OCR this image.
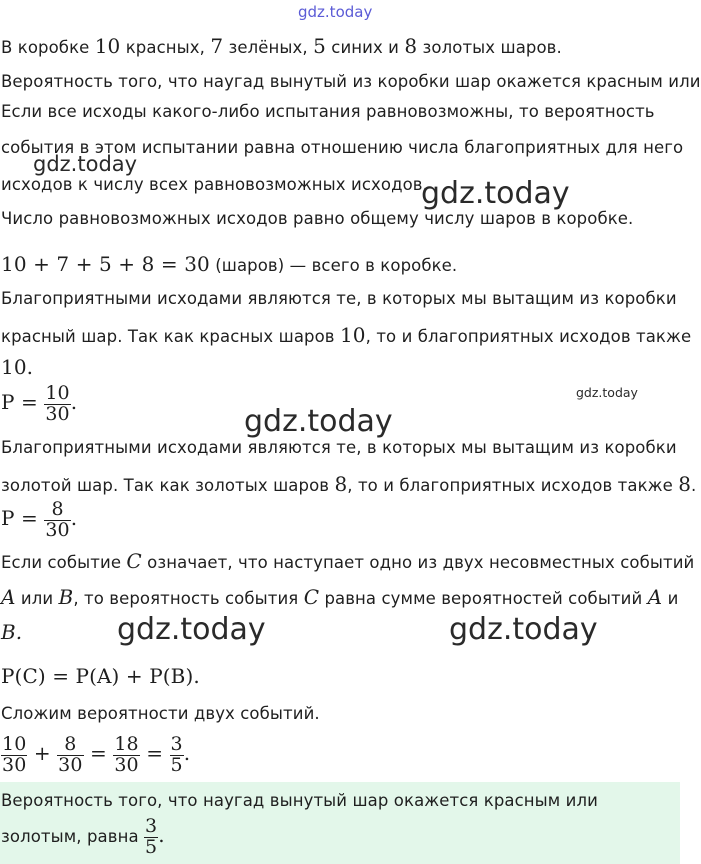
gdz.today
В коробке 10 красных, 7 зелёных, 5 синих и 8 золотых шаров.
Вероятность того, что наугад вынутый из коробки шар окажется красным или
Если все исходы какого-либо испытания равновозможны, то вероятность
события в этом испытании равна отношению числа благоприятных для него
gdz.today
исходов к числу всех равновозможных исходов.
gdz.today
Число равновозможных исходов равно общему числу шаров в коробке.
10 + 7 + 5 + 8 = 30 (шаров) — всего в коробке.
Благоприятными исходами являются те, в которых мы вытащим из коробки
красный шар. Так как красных шаров 10, то и благоприятных исходов также
10.
gdz.today
$P = \frac{10}{30}$ .
gdz.today
Благоприятными исходами являются те, в которых мы вытащим из коробки
золотой шар. Так как золотых шаров 8, то и благоприятных исходов также 8.
$P = \frac{8}{30}$ .
Если событие C означает, что наступает одно из двух несовместных событий
A или B, то вероятность события C равна сумме вероятностей событий A и
B.	gdz.today	gdz.today
P(C) = P(A) + P(B).
Сложим вероятности двух событий.
$\frac{10}{30} + \frac{8}{30} = \frac{18}{30} = \frac{3}{5}$ .
Вероятность того, что наугад вынутый шар окажется красным или
золотым, равна $\frac{3}{5}$ .
